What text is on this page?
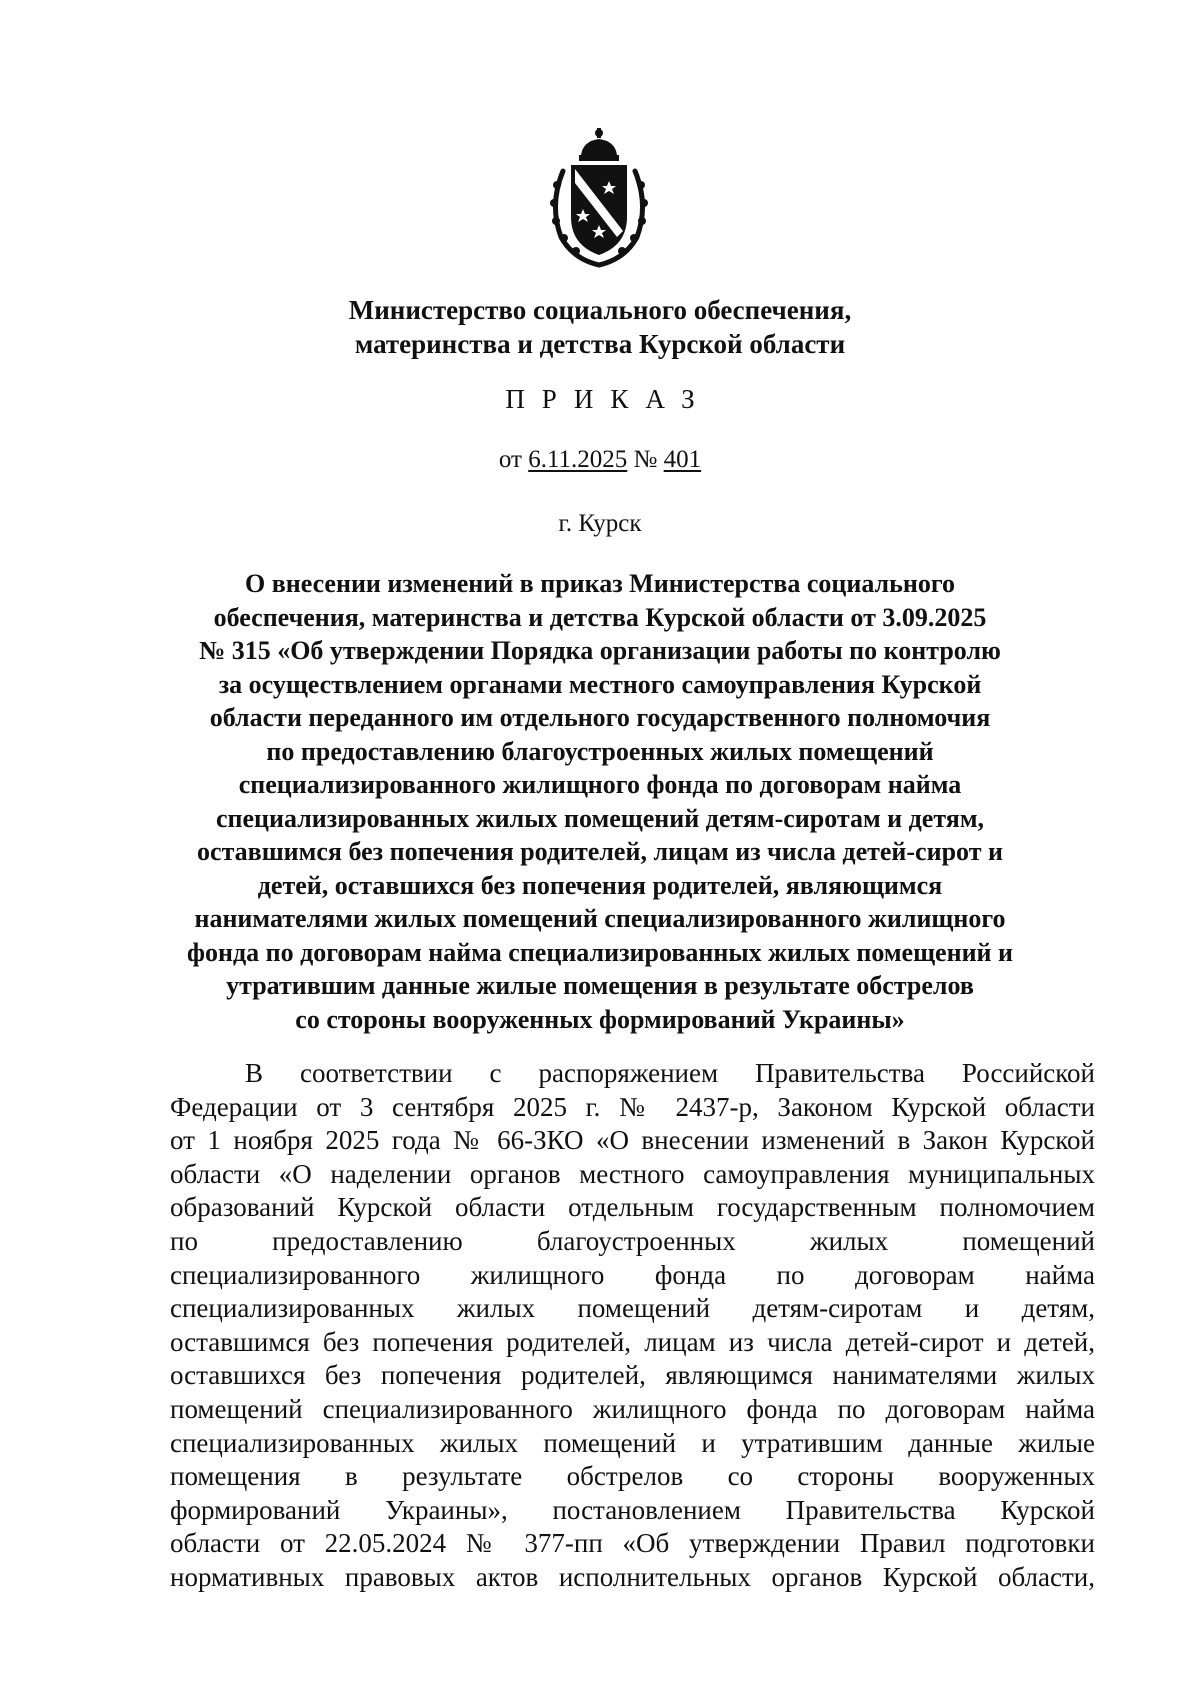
Министерство социального обеспечения,
материнства и детства Курской области
ПРИКАЗ
от 6.11.2025 № 401
г. Курск
О внесении изменений в приказ Министерства социального
обеспечения, материнства и детства Курской области от 3.09.2025
№ 315 «Об утверждении Порядка организации работы по контролю
за осуществлением органами местного самоуправления Курской
области переданного им отдельного государственного полномочия
по предоставлению благоустроенных жилых помещений
специализированного жилищного фонда по договорам найма
специализированных жилых помещений детям-сиротам и детям,
оставшимся без попечения родителей, лицам из числа детей-сирот и
детей, оставшихся без попечения родителей, являющимся
нанимателями жилых помещений специализированного жилищного
фонда по договорам найма специализированных жилых помещений и
утратившим данные жилые помещения в результате обстрелов
со стороны вооруженных формирований Украины»
В соответствии с распоряжением Правительства Российской
Федерации от 3 сентября 2025 г. № 2437-р, Законом Курской области
от 1 ноября 2025 года № 66-ЗКО «О внесении изменений в Закон Курской
области «О наделении органов местного самоуправления муниципальных
образований Курской области отдельным государственным полномочием
по предоставлению благоустроенных жилых помещений
специализированного жилищного фонда по договорам найма
специализированных жилых помещений детям-сиротам и детям,
оставшимся без попечения родителей, лицам из числа детей-сирот и детей,
оставшихся без попечения родителей, являющимся нанимателями жилых
помещений специализированного жилищного фонда по договорам найма
специализированных жилых помещений и утратившим данные жилые
помещения в результате обстрелов со стороны вооруженных
формирований Украины», постановлением Правительства Курской
области от 22.05.2024 № 377-пп «Об утверждении Правил подготовки
нормативных правовых актов исполнительных органов Курской области,
